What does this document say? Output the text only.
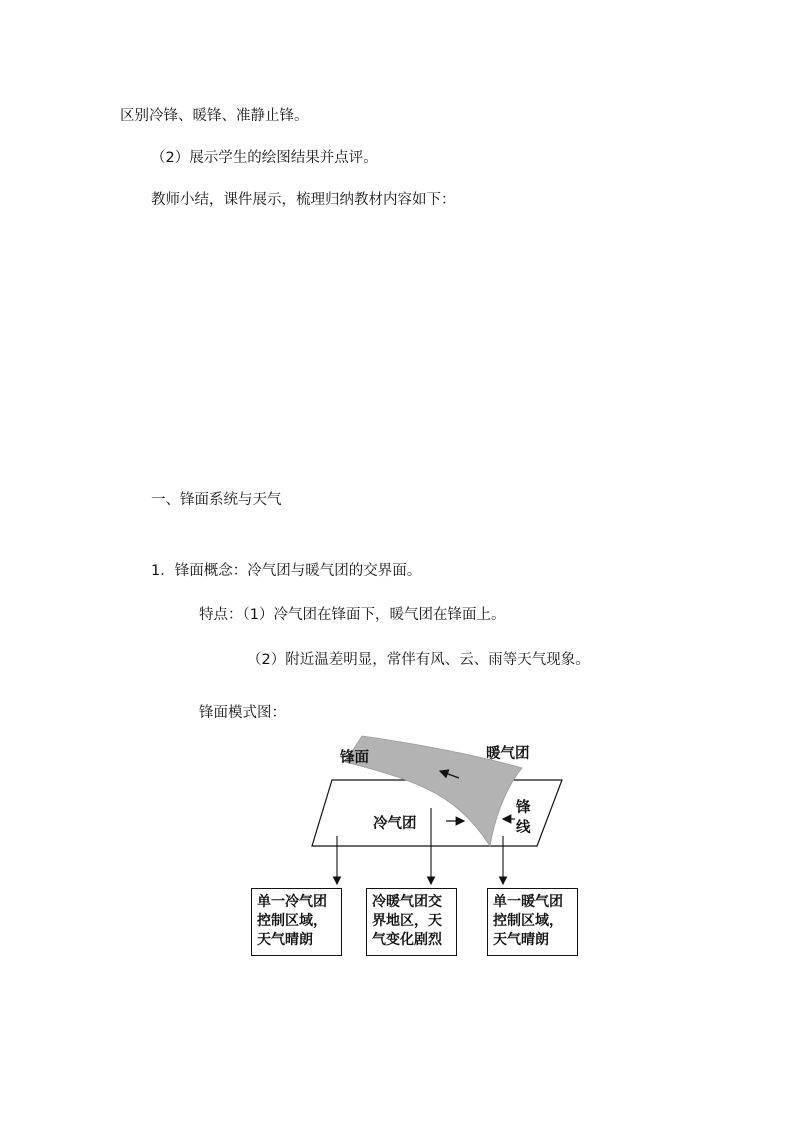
区别冷锋、暖锋、准静止锋。
（2）展示学生的绘图结果并点评。
教师小结，课件展示，梳理归纳教材内容如下：
一、锋面系统与天气
1．锋面概念：冷气团与暖气团的交界面。
特点：（1）冷气团在锋面下，暖气团在锋面上。
（2）附近温差明显，常伴有风、云、雨等天气现象。
锋面模式图：
锋面	暖气团
冷气团
锋
线
单一冷气团
控制区域，
天气晴朗
冷暖气团交
界地区，天
气变化剧烈
单一暖气团
控制区域，
天气晴朗
